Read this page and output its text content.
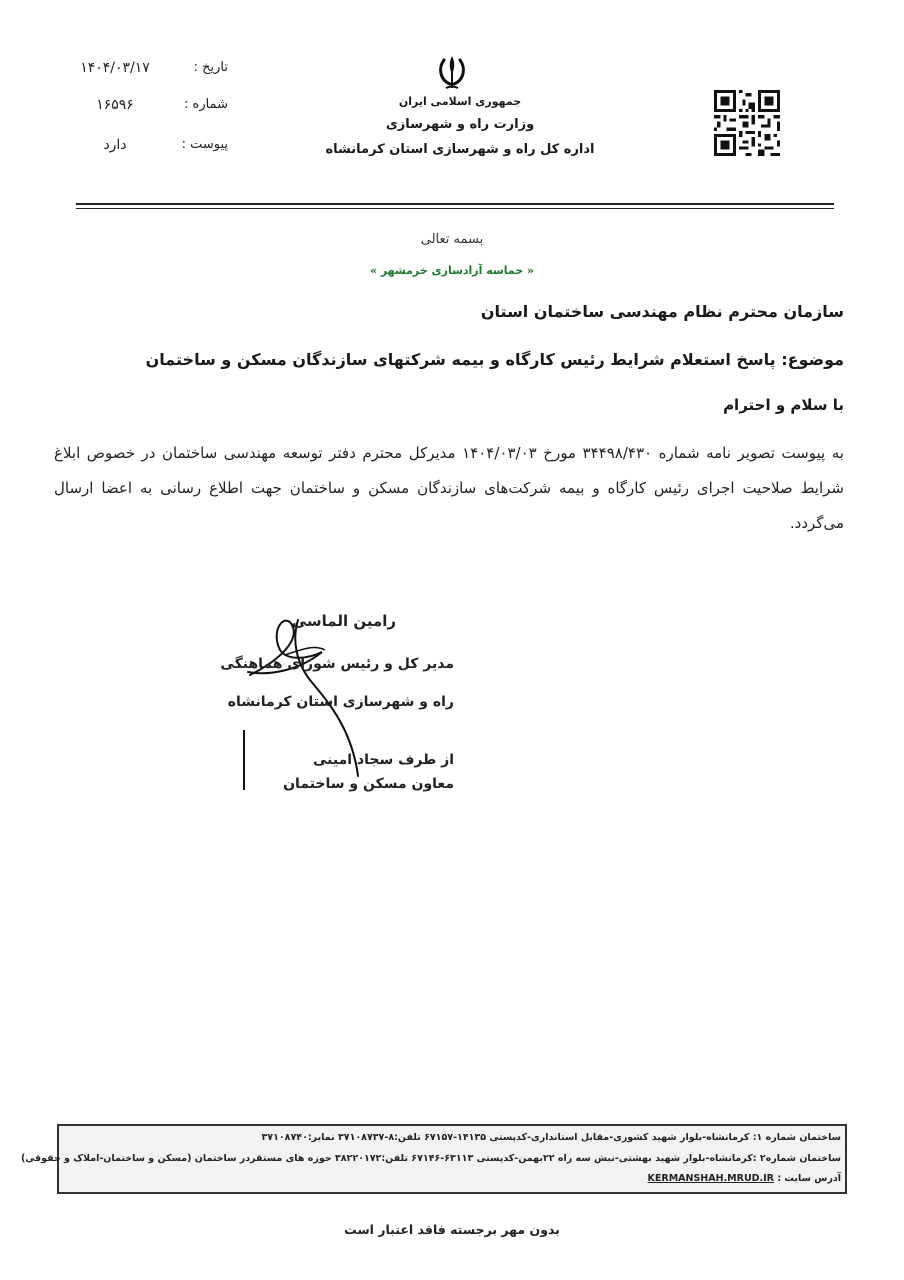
تاریخ :
۱۴۰۴/۰۳/۱۷
شماره :
۱۶۵۹۶
پیوست :
دارد
جمهوری اسلامی ایران
وزارت راه و شهرسازی
اداره کل راه و شهرسازی استان کرمانشاه
بسمه تعالی
« حماسه آزادسازی خرمشهر »
سازمان محترم نظام مهندسی ساختمان استان
موضوع: پاسخ استعلام شرایط رئیس کارگاه و بیمه شرکتهای سازندگان مسکن و ساختمان
با سلام و احترام
به پیوست تصویر نامه شماره ۳۴۴۹۸/۴۳۰ مورخ ۱۴۰۴/۰۳/۰۳ مدیرکل محترم دفتر توسعه مهندسی ساختمان در خصوص ابلاغ شرایط صلاحیت اجرای رئیس کارگاه و بیمه شرکت‌های سازندگان مسکن و ساختمان جهت اطلاع رسانی به اعضا ارسال می‌گردد.
رامین الماسی
مدیر کل و رئیس شورای هماهنگی
راه و شهرسازی استان کرمانشاه
از طرف سجاد امینی
معاون مسکن و ساختمان
ساختمان شماره ۱: کرمانشاه-بلوار شهید کشوری-مقابل استانداری-کدپستی ۱۴۱۳۵-۶۷۱۵۷ تلفن:۸-۳۷۱۰۸۷۳۷ نمابر:۳۷۱۰۸۷۴۰
ساختمان شماره۲ :کرمانشاه-بلوار شهید بهشتی-نبش سه راه ۲۲بهمن-کدپستی ۶۳۱۱۳-۶۷۱۴۶ تلفن:۳۸۲۲۰۱۷۲ حوزه های مستقردر ساختمان (مسکن و ساختمان-املاک و حقوقی)
آدرس سایت : KERMANSHAH.MRUD.IR
بدون مهر برجسته فاقد اعتبار است
